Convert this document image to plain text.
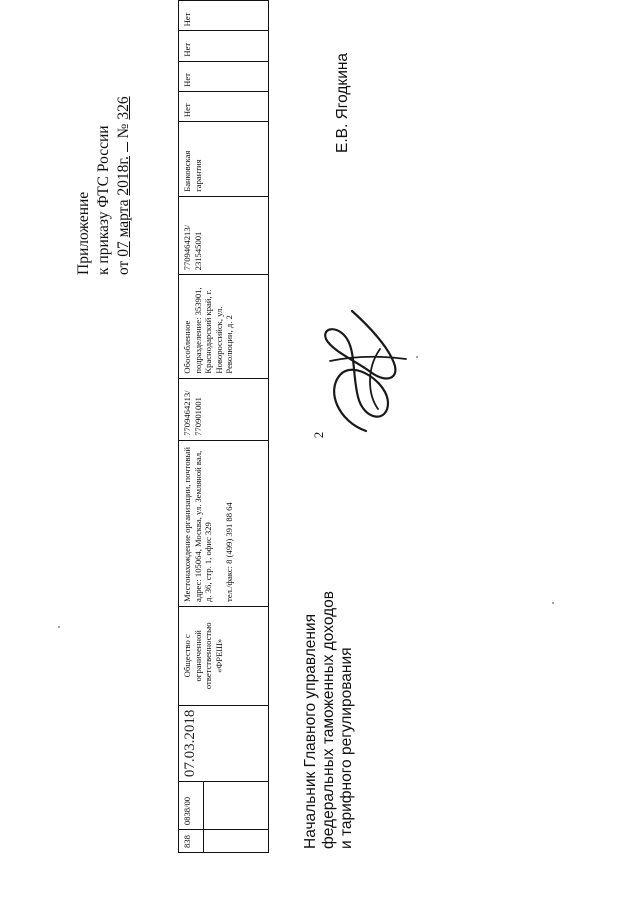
2
Приложение к приказу ФТС России от 07 марта 2018г.  № 326
838	0838/00	07.03.2018	Общество с ограниченной ответственностью «ФРЕШ»	Местонахождение организации, почтовый адрес: 105064, Москва, ул. Земляной вал, д. 36, стр. 1, офис 329 тел./факс: 8 (499) 391 88 64	7709464213/ 770901001	Обособленное подразделение: 353901, Краснодарский край, г. Новороссийск, ул. Революции, д. 2	7709464213/ 231545001	Банковская гарантия	Нет	Нет	Нет	Нет

Начальник Главного управления федеральных таможенных доходов и тарифного регулирования
Е.В. Ягодкина
